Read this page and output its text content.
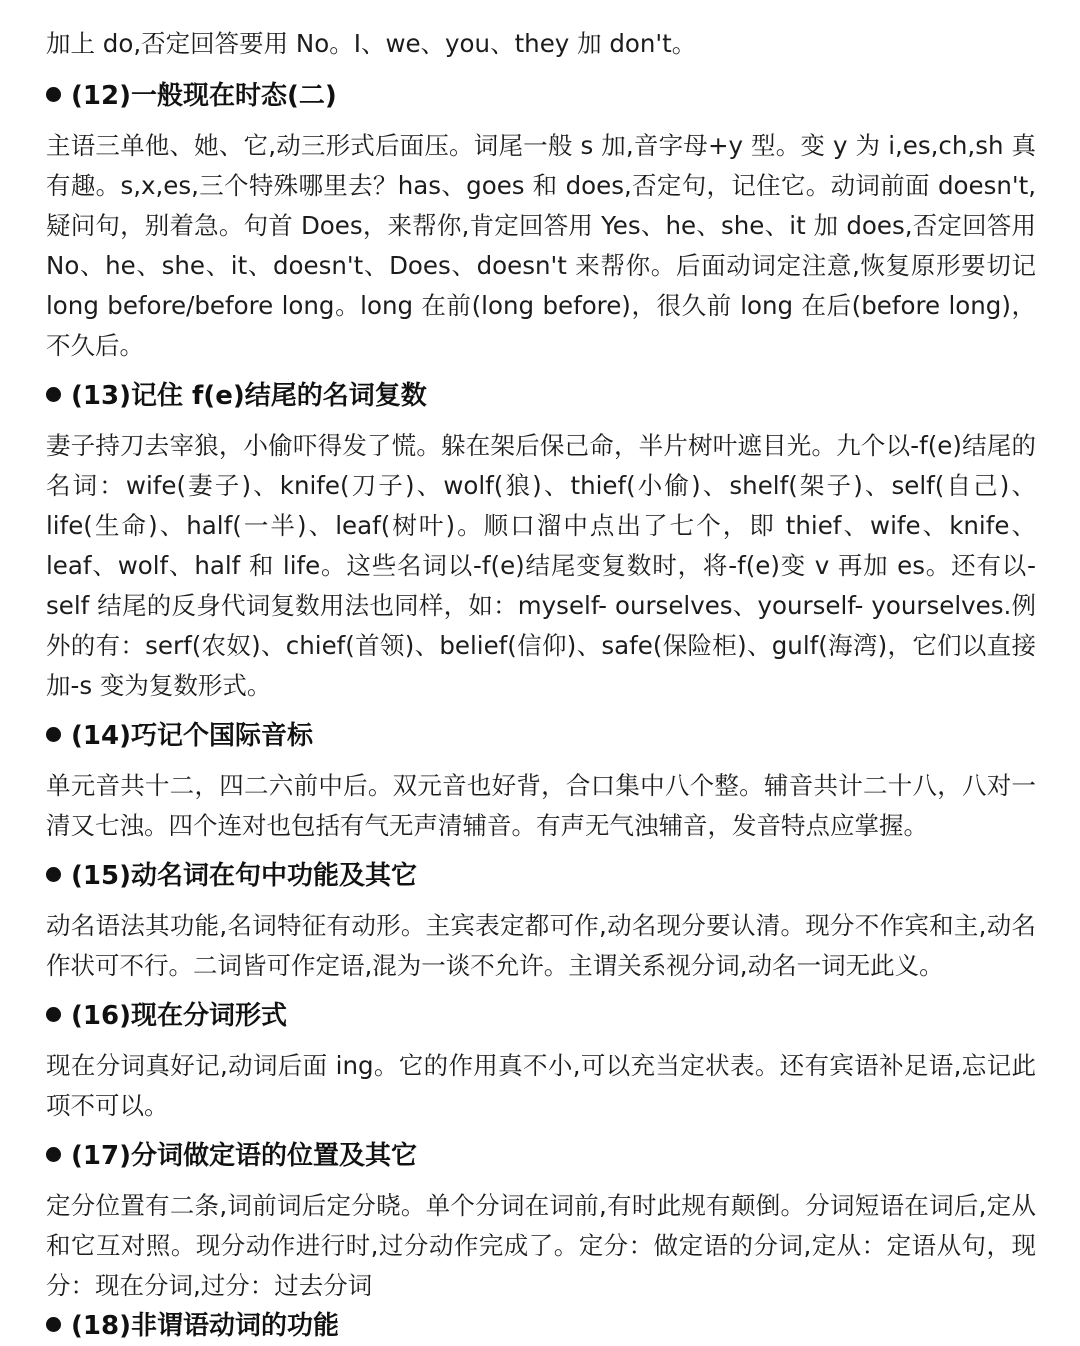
加上 do,否定回答要用 No。I、we、you、they 加 don't。

(12)一般现在时态(二)

主语三单他、她、它,动三形式后面压。词尾一般 s 加,音字母+y 型。变 y 为 i,es,ch,sh 真有趣。s,x,es,三个特殊哪里去？has、goes 和 does,否定句，记住它。动词前面 doesn't,疑问句，别着急。句首 Does，来帮你,肯定回答用 Yes、he、she、it 加 does,否定回答用 No、he、she、it、doesn't、Does、doesn't 来帮你。后面动词定注意,恢复原形要切记 long before/before long。long 在前(long before)，很久前 long 在后(before long)，不久后。

(13)记住 f(e)结尾的名词复数

妻子持刀去宰狼，小偷吓得发了慌。躲在架后保己命，半片树叶遮目光。九个以-f(e)结尾的名词：wife(妻子)、knife(刀子)、wolf(狼)、thief(小偷)、shelf(架子)、self(自己)、life(生命)、half(一半)、leaf(树叶)。顺口溜中点出了七个，即 thief、wife、knife、leaf、wolf、half 和 life。这些名词以-f(e)结尾变复数时，将-f(e)变 v 再加 es。还有以-self 结尾的反身代词复数用法也同样，如：myself- ourselves、yourself- yourselves.例外的有：serf(农奴)、chief(首领)、belief(信仰)、safe(保险柜)、gulf(海湾)，它们以直接加-s 变为复数形式。

(14)巧记个国际音标

单元音共十二，四二六前中后。双元音也好背，合口集中八个整。辅音共计二十八，八对一清又七浊。四个连对也包括有气无声清辅音。有声无气浊辅音，发音特点应掌握。

(15)动名词在句中功能及其它

动名语法其功能,名词特征有动形。主宾表定都可作,动名现分要认清。现分不作宾和主,动名作状可不行。二词皆可作定语,混为一谈不允许。主谓关系视分词,动名一词无此义。

(16)现在分词形式

现在分词真好记,动词后面 ing。它的作用真不小,可以充当定状表。还有宾语补足语,忘记此项不可以。

(17)分词做定语的位置及其它

定分位置有二条,词前词后定分晓。单个分词在词前,有时此规有颠倒。分词短语在词后,定从和它互对照。现分动作进行时,过分动作完成了。定分：做定语的分词,定从：定语从句，现分：现在分词,过分：过去分词

(18)非谓语动词的功能
